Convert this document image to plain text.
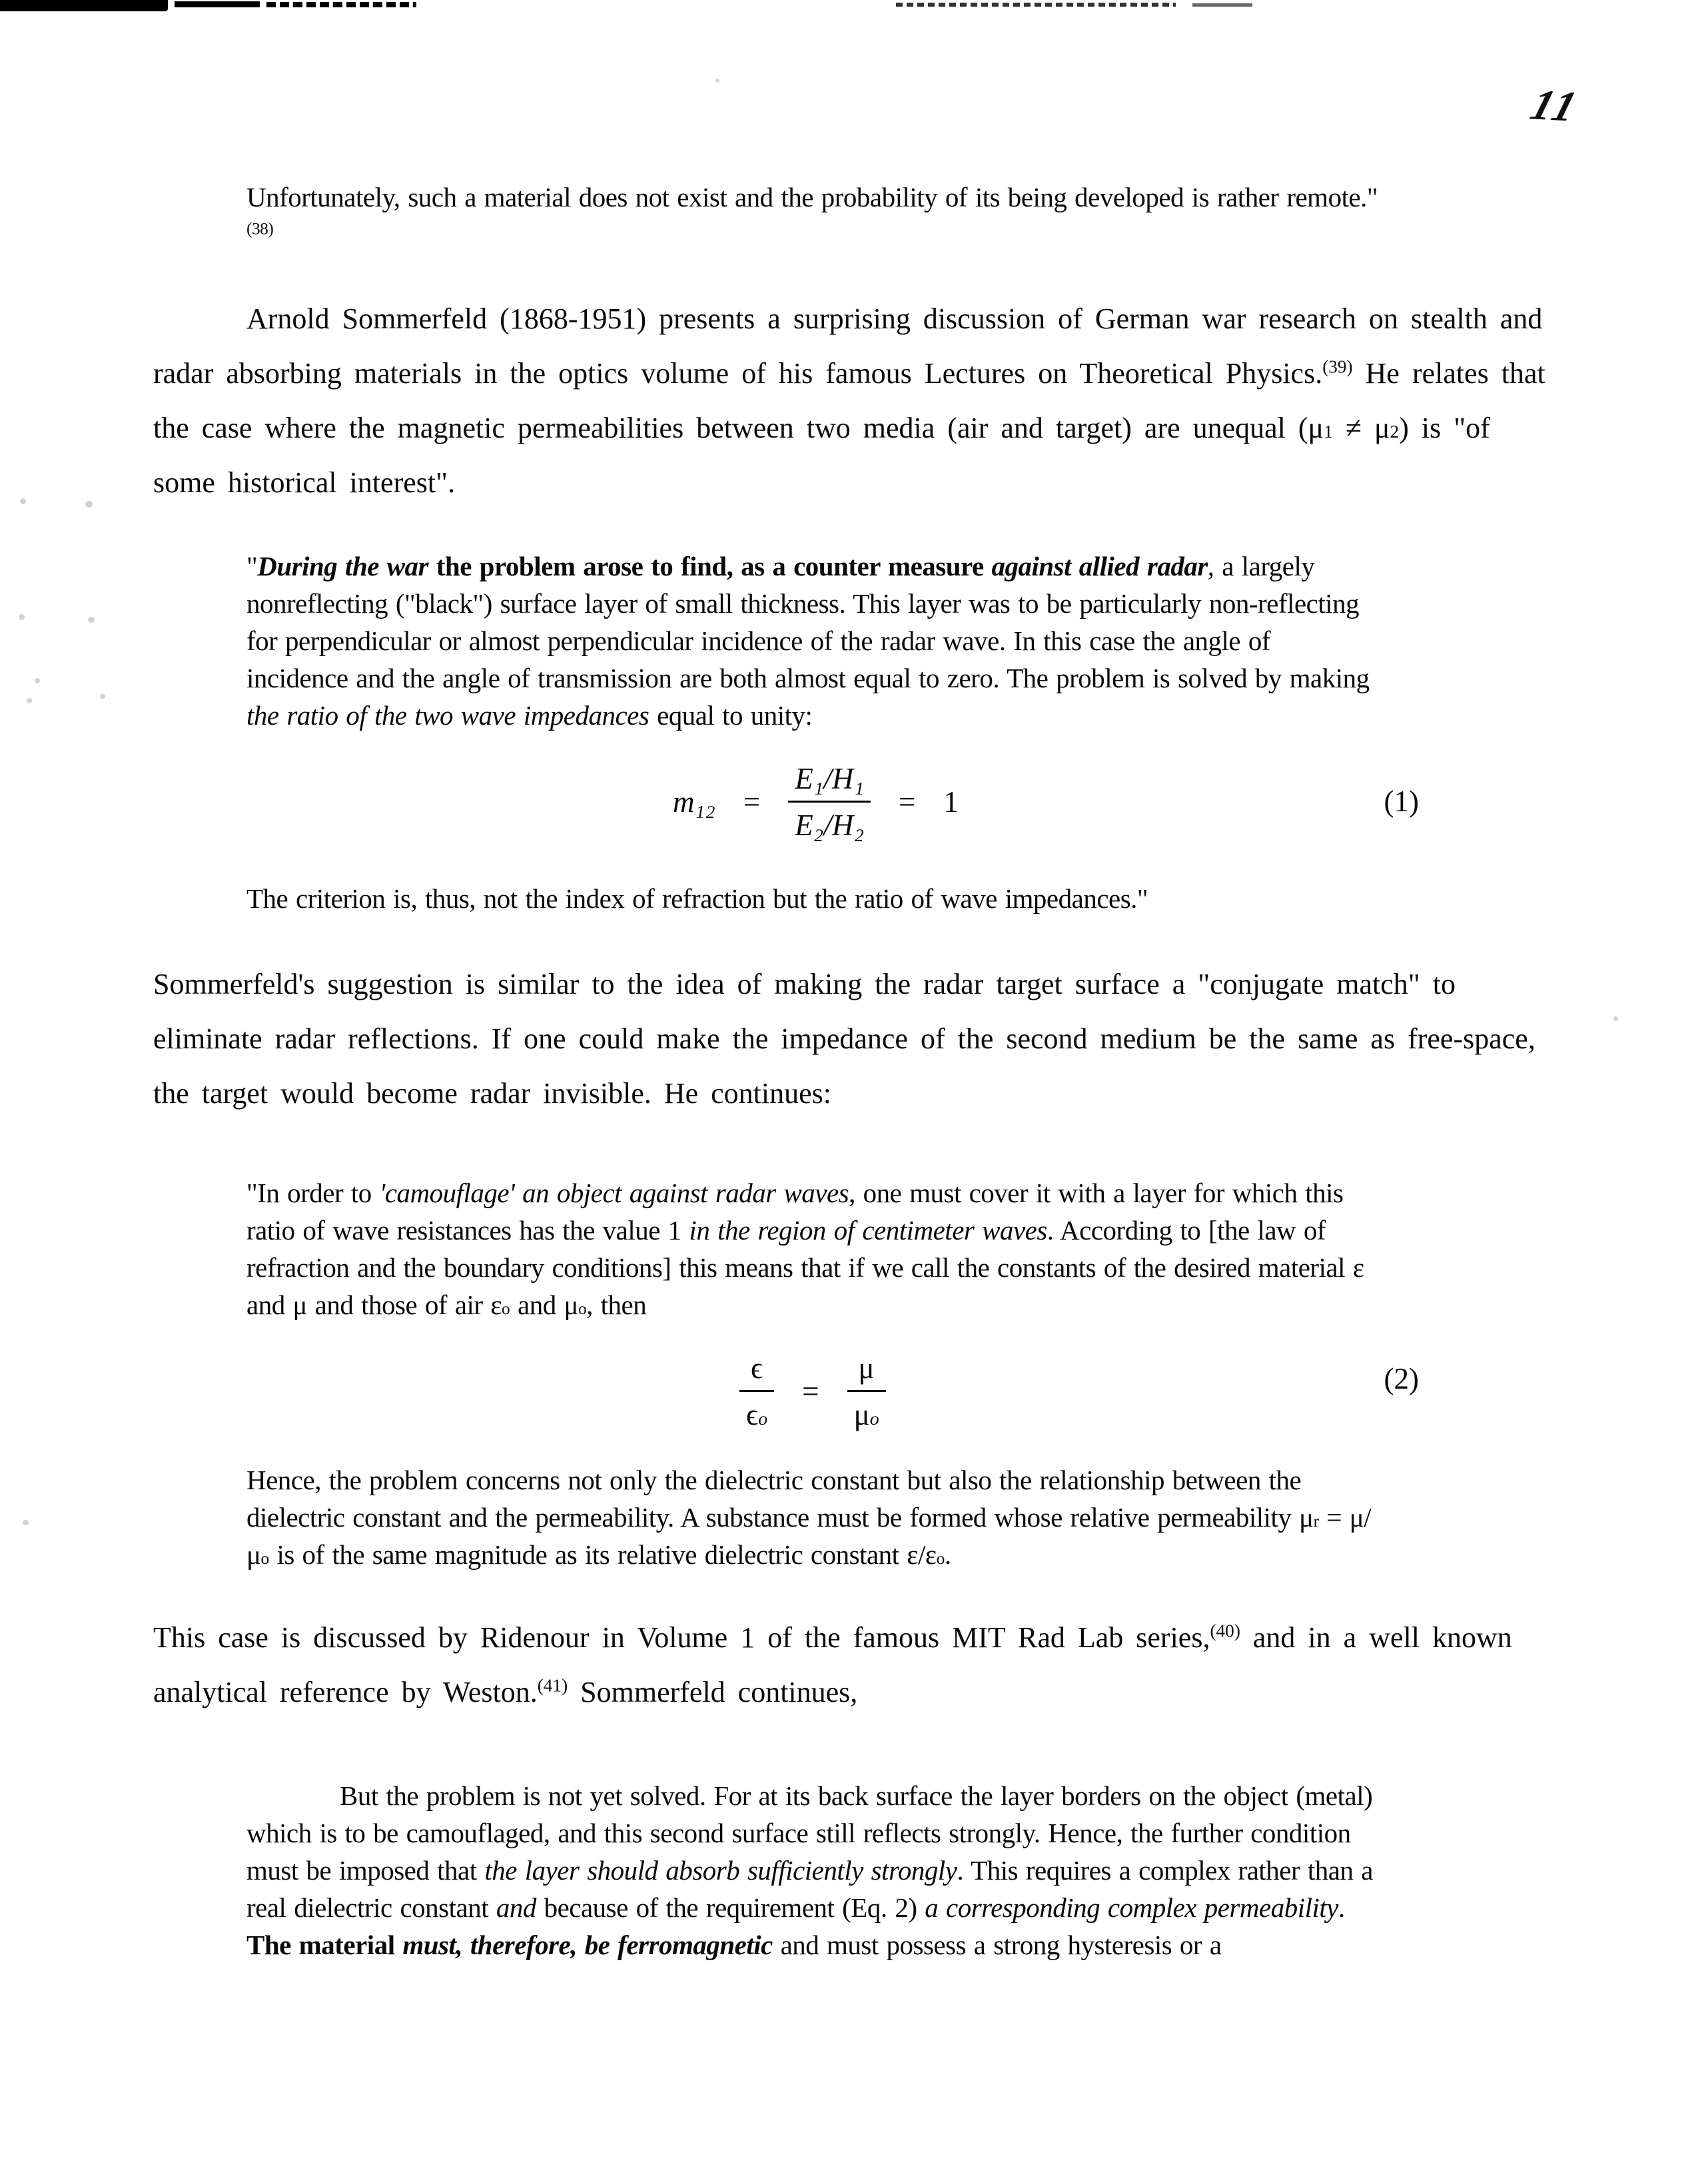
11

Unfortunately, such a material does not exist and the probability of its being developed is rather remote."$^{(38)}$

Arnold Sommerfeld (1868-1951) presents a surprising discussion of German war research on stealth and radar absorbing materials in the optics volume of his famous Lectures on Theoretical Physics.$^{(39)}$ He relates that the case where the magnetic permeabilities between two media (air and target) are unequal (μ1 ≠ μ2) is "of some historical interest".

"During the war the problem arose to find, as a counter measure against allied radar, a largely nonreflecting ("black") surface layer of small thickness. This layer was to be particularly non-reflecting for perpendicular or almost perpendicular incidence of the radar wave. In this case the angle of incidence and the angle of transmission are both almost equal to zero. The problem is solved by making the ratio of the two wave impedances equal to unity:

$m_{12} = \frac{\text{E₁/H₁}}{\text{E₂/H₂}} = 1$	(1)

The criterion is, thus, not the index of refraction but the ratio of wave impedances."

Sommerfeld's suggestion is similar to the idea of making the radar target surface a "conjugate match" to eliminate radar reflections. If one could make the impedance of the second medium be the same as free-space, the target would become radar invisible. He continues:

"In order to 'camouflage' an object against radar waves, one must cover it with a layer for which this ratio of wave resistances has the value 1 in the region of centimeter waves. According to [the law of refraction and the boundary conditions] this means that if we call the constants of the desired material ε and μ and those of air εo and μo, then

$\frac{\epsilon}{\epsilon o} = \frac{\mu}{\mu o}$	(2)

Hence, the problem concerns not only the dielectric constant but also the relationship between the dielectric constant and the permeability. A substance must be formed whose relative permeability μr = μ/μo is of the same magnitude as its relative dielectric constant ε/εo.

This case is discussed by Ridenour in Volume 1 of the famous MIT Rad Lab series,$^{(40)}$ and in a well known analytical reference by Weston.$^{(41)}$ Sommerfeld continues,

But the problem is not yet solved. For at its back surface the layer borders on the object (metal) which is to be camouflaged, and this second surface still reflects strongly. Hence, the further condition must be imposed that the layer should absorb sufficiently strongly. This requires a complex rather than a real dielectric constant and because of the requirement (Eq. 2) a corresponding complex permeability. The material must, therefore, be ferromagnetic and must possess a strong hysteresis or a
